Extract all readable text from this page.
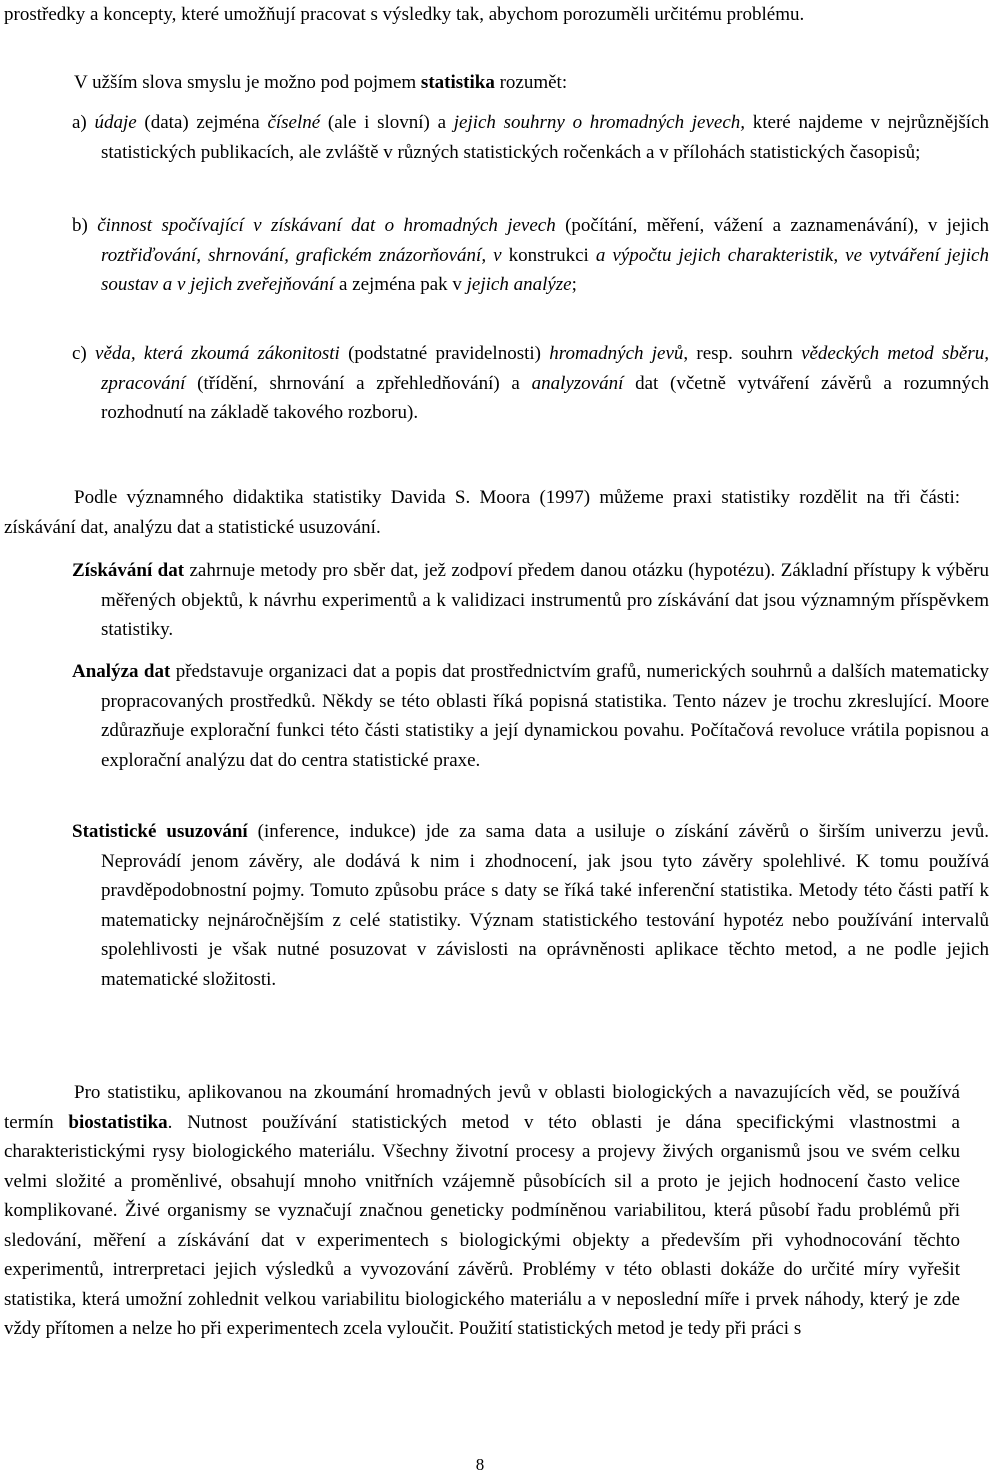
prostředky a koncepty, které umožňují pracovat s výsledky tak, abychom porozuměli určitému problému.

V užším slova smyslu je možno pod pojmem statistika rozumět:

a) údaje (data) zejména číselné (ale i slovní) a jejich souhrny o hromadných jevech, které najdeme v nejrůznějších statistických publikacích, ale zvláště v různých statistických ročenkách a v přílohách statistických časopisů;

b) činnost spočívající v získávaní dat o hromadných jevech (počítání, měření, vážení a zaznamenávání), v jejich roztřiďování, shrnování, grafickém znázorňování, v konstrukci a výpočtu jejich charakteristik, ve vytváření jejich soustav a v jejich zveřejňování a zejména pak v jejich analýze;

c) věda, která zkoumá zákonitosti (podstatné pravidelnosti) hromadných jevů, resp. souhrn vědeckých metod sběru, zpracování (třídění, shrnování a zpřehledňování) a analyzování dat (včetně vytváření závěrů a rozumných rozhodnutí na základě takového rozboru).

Podle významného didaktika statistiky Davida S. Moora (1997) můžeme praxi statistiky rozdělit na tři části: získávání dat, analýzu dat a statistické usuzování.

Získávání dat zahrnuje metody pro sběr dat, jež zodpoví předem danou otázku (hypotézu). Základní přístupy k výběru měřených objektů, k návrhu experimentů a k validizaci instrumentů pro získávání dat jsou významným příspěvkem statistiky.

Analýza dat představuje organizaci dat a popis dat prostřednictvím grafů, numerických souhrnů a dalších matematicky propracovaných prostředků. Někdy se této oblasti říká popisná statistika. Tento název je trochu zkreslující. Moore zdůrazňuje explorační funkci této části statistiky a její dynamickou povahu. Počítačová revoluce vrátila popisnou a explorační analýzu dat do centra statistické praxe.

Statistické usuzování (inference, indukce) jde za sama data a usiluje o získání závěrů o širším univerzu jevů. Neprovádí jenom závěry, ale dodává k nim i zhodnocení, jak jsou tyto závěry spolehlivé. K tomu používá pravděpodobnostní pojmy. Tomuto způsobu práce s daty se říká také inferenční statistika. Metody této části patří k matematicky nejnáročnějším z celé statistiky. Význam statistického testování hypotéz nebo používání intervalů spolehlivosti je však nutné posuzovat v závislosti na oprávněnosti aplikace těchto metod, a ne podle jejich matematické složitosti.

Pro statistiku, aplikovanou na zkoumání hromadných jevů v oblasti biologických a navazujících věd, se používá termín biostatistika. Nutnost používání statistických metod v této oblasti je dána specifickými vlastnostmi a charakteristickými rysy biologického materiálu. Všechny životní procesy a projevy živých organismů jsou ve svém celku velmi složité a proměnlivé, obsahují mnoho vnitřních vzájemně působících sil a proto je jejich hodnocení často velice komplikované. Živé organismy se vyznačují značnou geneticky podmíněnou variabilitou, která působí řadu problémů při sledování, měření a získávání dat v experimentech s biologickými objekty a především při vyhodnocování těchto experimentů, intrerpretaci jejich výsledků a vyvozování závěrů. Problémy v této oblasti dokáže do určité míry vyřešit statistika, která umožní zohlednit velkou variabilitu biologického materiálu a v neposlední míře i prvek náhody, který je zde vždy přítomen a nelze ho při experimentech zcela vyloučit. Použití statistických metod je tedy při práci s

8
